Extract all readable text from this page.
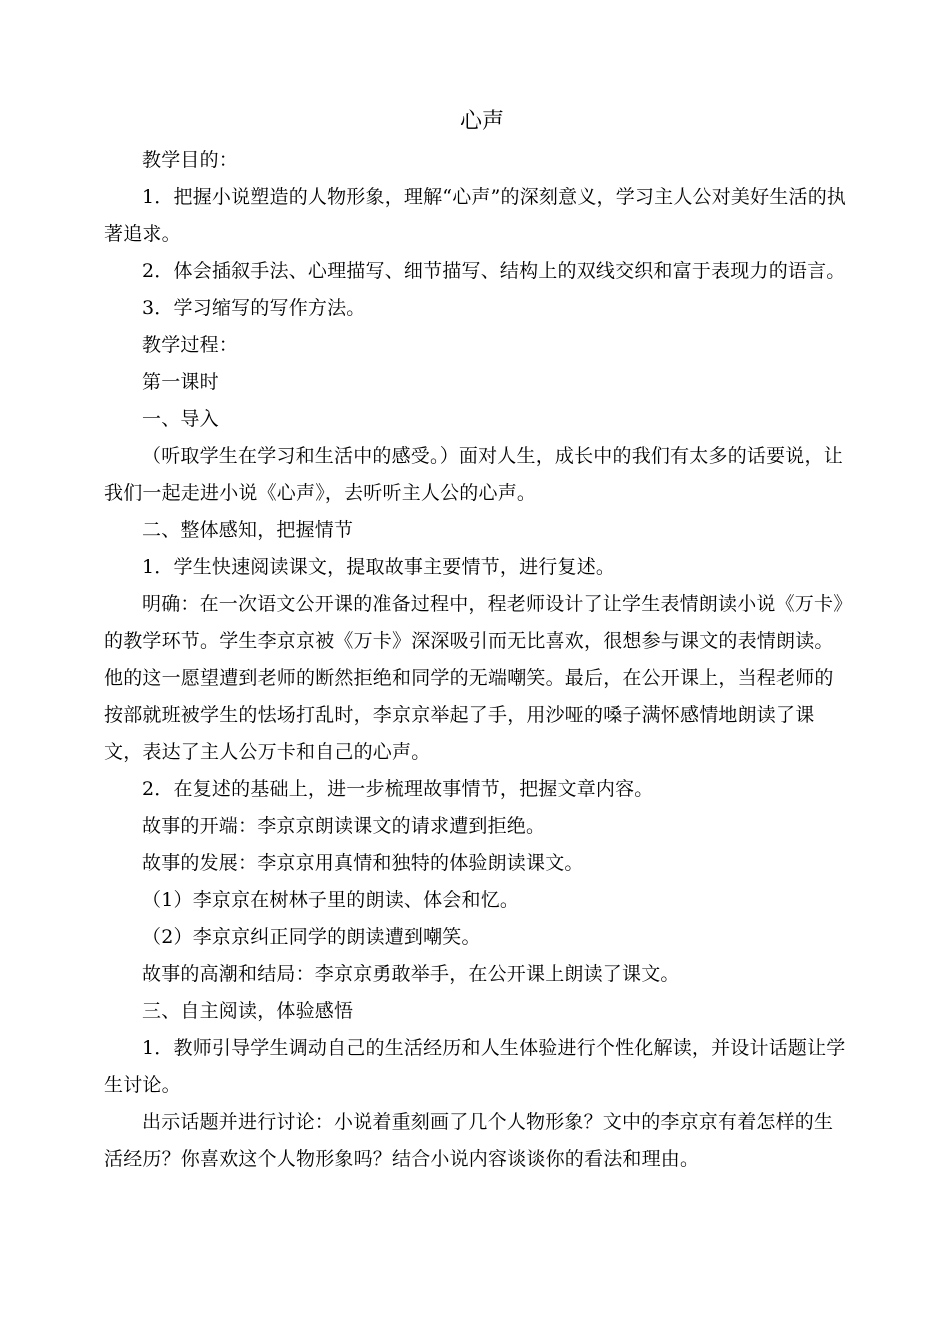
心声

教学目的：

1．把握小说塑造的人物形象，理解“心声”的深刻意义，学习主人公对美好生活的执著追求。

2．体会插叙手法、心理描写、细节描写、结构上的双线交织和富于表现力的语言。

3．学习缩写的写作方法。

教学过程：

第一课时

一、导入

（听取学生在学习和生活中的感受。）面对人生，成长中的我们有太多的话要说，让我们一起走进小说《心声》，去听听主人公的心声。

二、整体感知，把握情节

1．学生快速阅读课文，提取故事主要情节，进行复述。

明确：在一次语文公开课的准备过程中，程老师设计了让学生表情朗读小说《万卡》的教学环节。学生李京京被《万卡》深深吸引而无比喜欢，很想参与课文的表情朗读。他的这一愿望遭到老师的断然拒绝和同学的无端嘲笑。最后，在公开课上，当程老师的按部就班被学生的怯场打乱时，李京京举起了手，用沙哑的嗓子满怀感情地朗读了课文，表达了主人公万卡和自己的心声。

2．在复述的基础上，进一步梳理故事情节，把握文章内容。

故事的开端：李京京朗读课文的请求遭到拒绝。

故事的发展：李京京用真情和独特的体验朗读课文。

（1）李京京在树林子里的朗读、体会和忆。

（2）李京京纠正同学的朗读遭到嘲笑。

故事的高潮和结局：李京京勇敢举手，在公开课上朗读了课文。

三、自主阅读，体验感悟

1．教师引导学生调动自己的生活经历和人生体验进行个性化解读，并设计话题让学生讨论。

出示话题并进行讨论：小说着重刻画了几个人物形象？文中的李京京有着怎样的生活经历？你喜欢这个人物形象吗？结合小说内容谈谈你的看法和理由。
